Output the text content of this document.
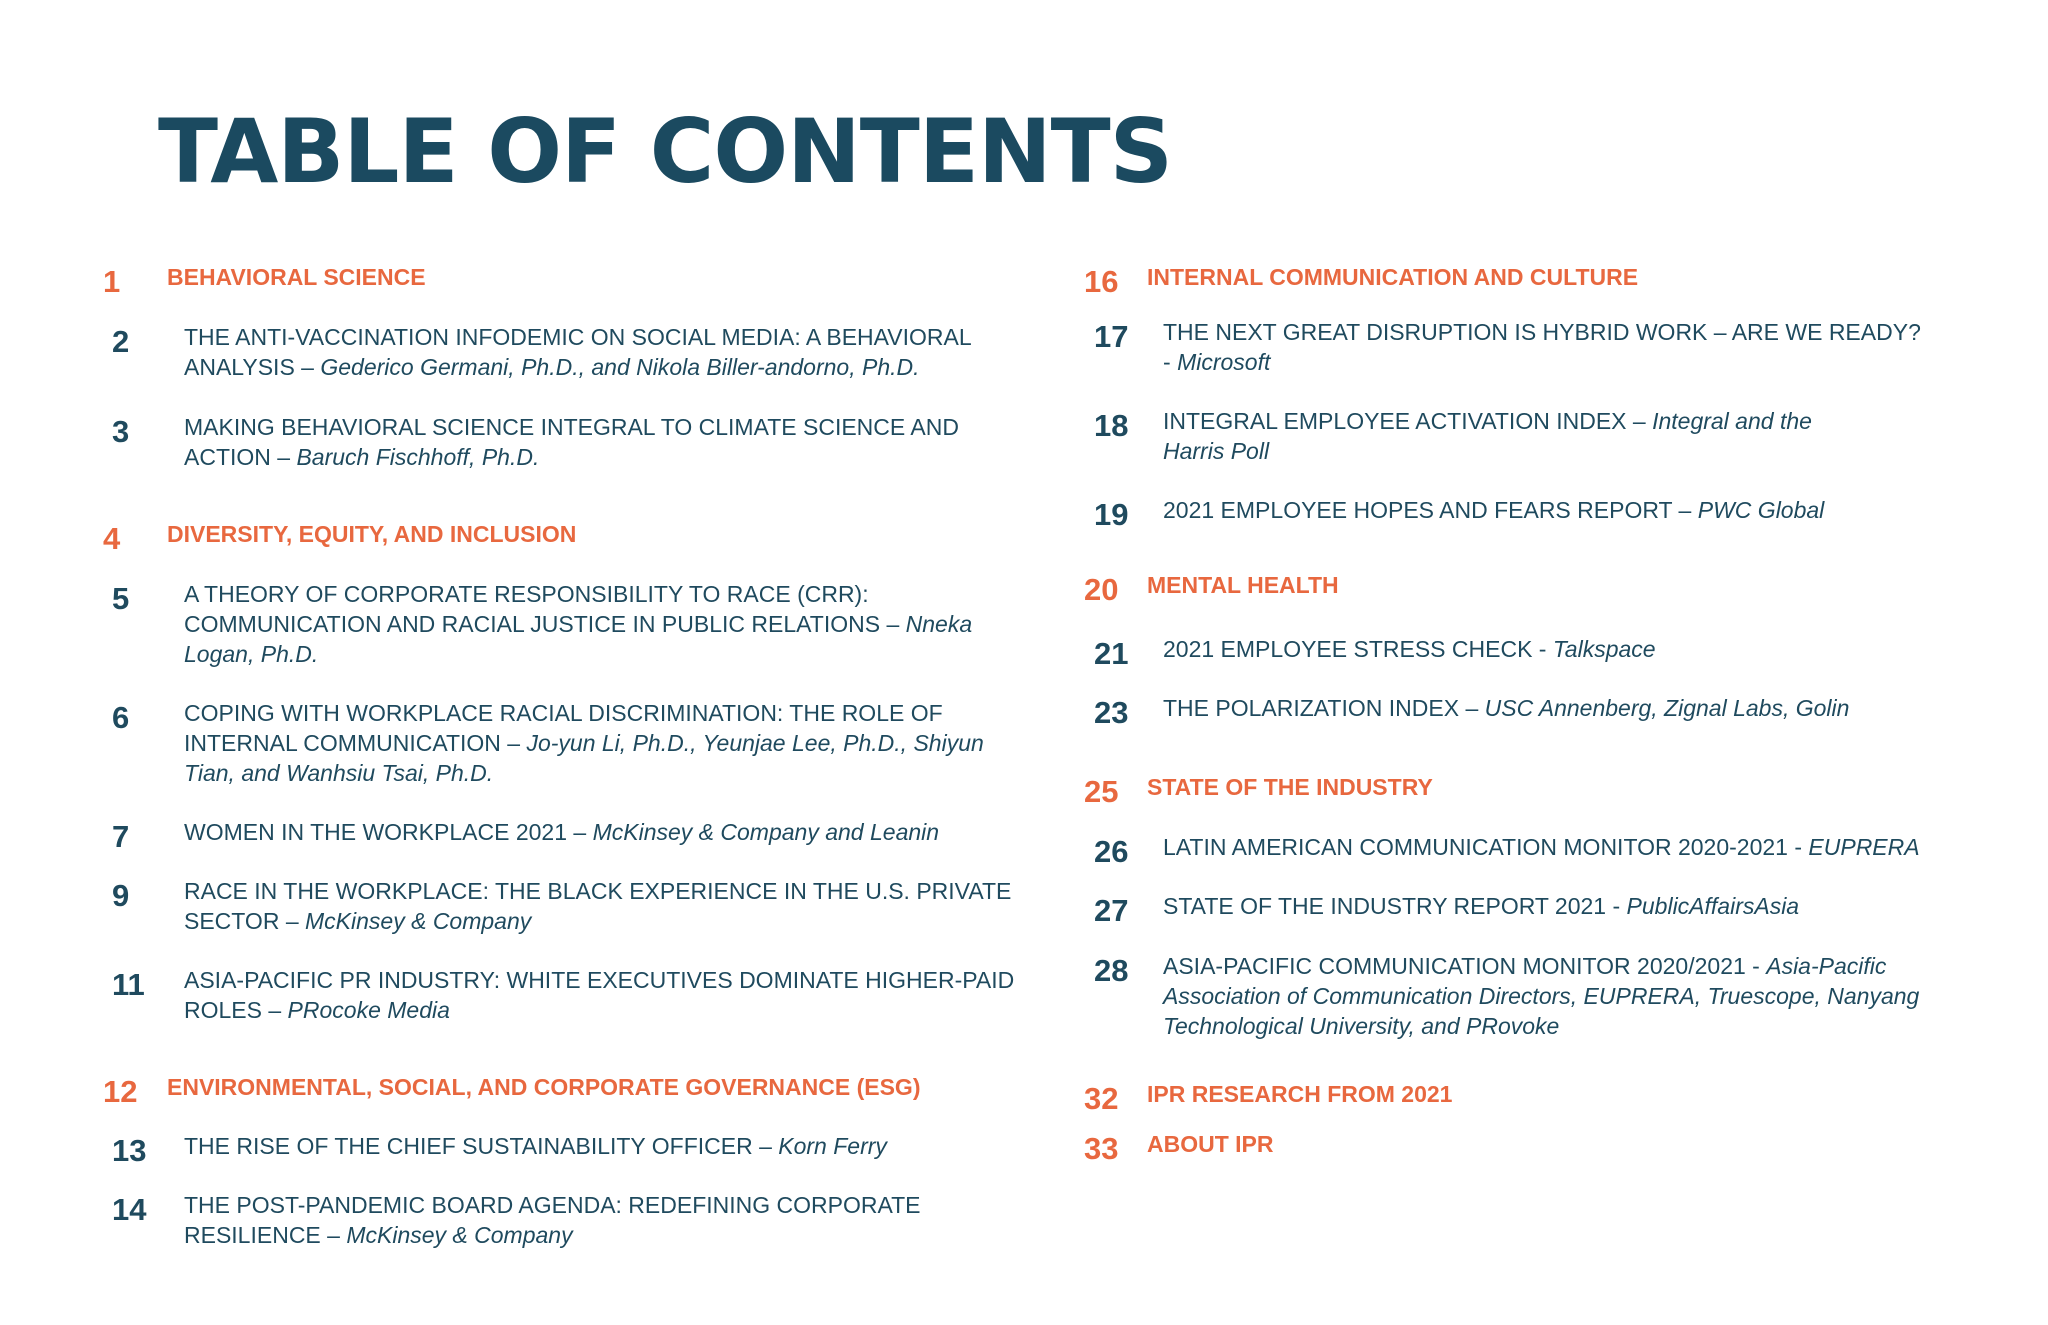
TABLE OF CONTENTS
1 BEHAVIORAL SCIENCE
2 THE ANTI-VACCINATION INFODEMIC ON SOCIAL MEDIA: A BEHAVIORAL
ANALYSIS – Gederico Germani, Ph.D., and Nikola Biller-andorno, Ph.D.
3 MAKING BEHAVIORAL SCIENCE INTEGRAL TO CLIMATE SCIENCE AND
ACTION – Baruch Fischhoff, Ph.D.
4 DIVERSITY, EQUITY, AND INCLUSION
5 A THEORY OF CORPORATE RESPONSIBILITY TO RACE (CRR):
COMMUNICATION AND RACIAL JUSTICE IN PUBLIC RELATIONS – Nneka
Logan, Ph.D.
6 COPING WITH WORKPLACE RACIAL DISCRIMINATION: THE ROLE OF
INTERNAL COMMUNICATION – Jo-yun Li, Ph.D., Yeunjae Lee, Ph.D., Shiyun
Tian, and Wanhsiu Tsai, Ph.D.
7 WOMEN IN THE WORKPLACE 2021 – McKinsey & Company and Leanin
9 RACE IN THE WORKPLACE: THE BLACK EXPERIENCE IN THE U.S. PRIVATE
SECTOR – McKinsey & Company
11 ASIA-PACIFIC PR INDUSTRY: WHITE EXECUTIVES DOMINATE HIGHER-PAID
ROLES – PRocoke Media
12 ENVIRONMENTAL, SOCIAL, AND CORPORATE GOVERNANCE (ESG)
13 THE RISE OF THE CHIEF SUSTAINABILITY OFFICER – Korn Ferry
14 THE POST-PANDEMIC BOARD AGENDA: REDEFINING CORPORATE
RESILIENCE – McKinsey & Company
16 INTERNAL COMMUNICATION AND CULTURE
17 THE NEXT GREAT DISRUPTION IS HYBRID WORK – ARE WE READY?
- Microsoft
18 INTEGRAL EMPLOYEE ACTIVATION INDEX – Integral and the
Harris Poll
19 2021 EMPLOYEE HOPES AND FEARS REPORT – PWC Global
20 MENTAL HEALTH
21 2021 EMPLOYEE STRESS CHECK - Talkspace
23 THE POLARIZATION INDEX – USC Annenberg, Zignal Labs, Golin
25 STATE OF THE INDUSTRY
26 LATIN AMERICAN COMMUNICATION MONITOR 2020-2021 - EUPRERA
27 STATE OF THE INDUSTRY REPORT 2021 - PublicAffairsAsia
28 ASIA-PACIFIC COMMUNICATION MONITOR 2020/2021 - Asia-Pacific
Association of Communication Directors, EUPRERA, Truescope, Nanyang
Technological University, and PRovoke
32 IPR RESEARCH FROM 2021
33 ABOUT IPR
